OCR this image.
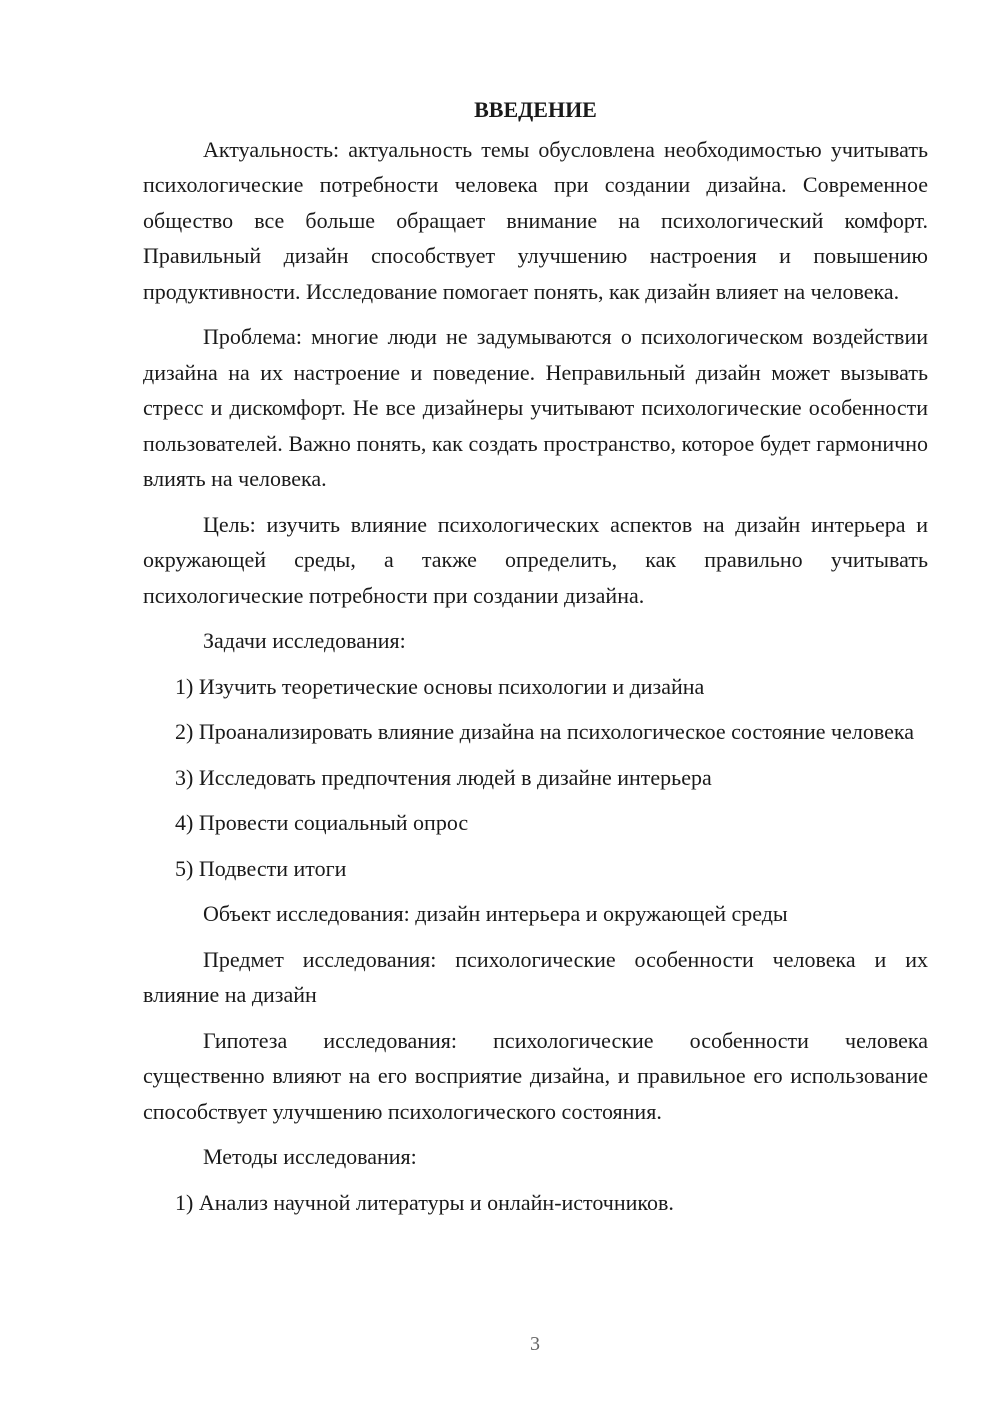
ВВЕДЕНИЕ

Актуальность: актуальность темы обусловлена необходимостью учитывать психологические потребности человека при создании дизайна. Современное общество все больше обращает внимание на психологический комфорт. Правильный дизайн способствует улучшению настроения и повышению продуктивности. Исследование помогает понять, как дизайн влияет на человека.

Проблема: многие люди не задумываются о психологическом воздействии дизайна на их настроение и поведение. Неправильный дизайн может вызывать стресс и дискомфорт. Не все дизайнеры учитывают психологические особенности пользователей. Важно понять, как создать пространство, которое будет гармонично влиять на человека.

Цель: изучить влияние психологических аспектов на дизайн интерьера и окружающей среды, а также определить, как правильно учитывать психологические потребности при создании дизайна.

Задачи исследования:

1) Изучить теоретические основы психологии и дизайна

2) Проанализировать влияние дизайна на психологическое состояние человека

3) Исследовать предпочтения людей в дизайне интерьера

4) Провести социальный опрос

5) Подвести итоги

Объект исследования: дизайн интерьера и окружающей среды

Предмет исследования: психологические особенности человека и их влияние на дизайн

Гипотеза исследования: психологические особенности человека существенно влияют на его восприятие дизайна, и правильное его использование способствует улучшению психологического состояния.

Методы исследования:

1) Анализ научной литературы и онлайн-источников.

3
